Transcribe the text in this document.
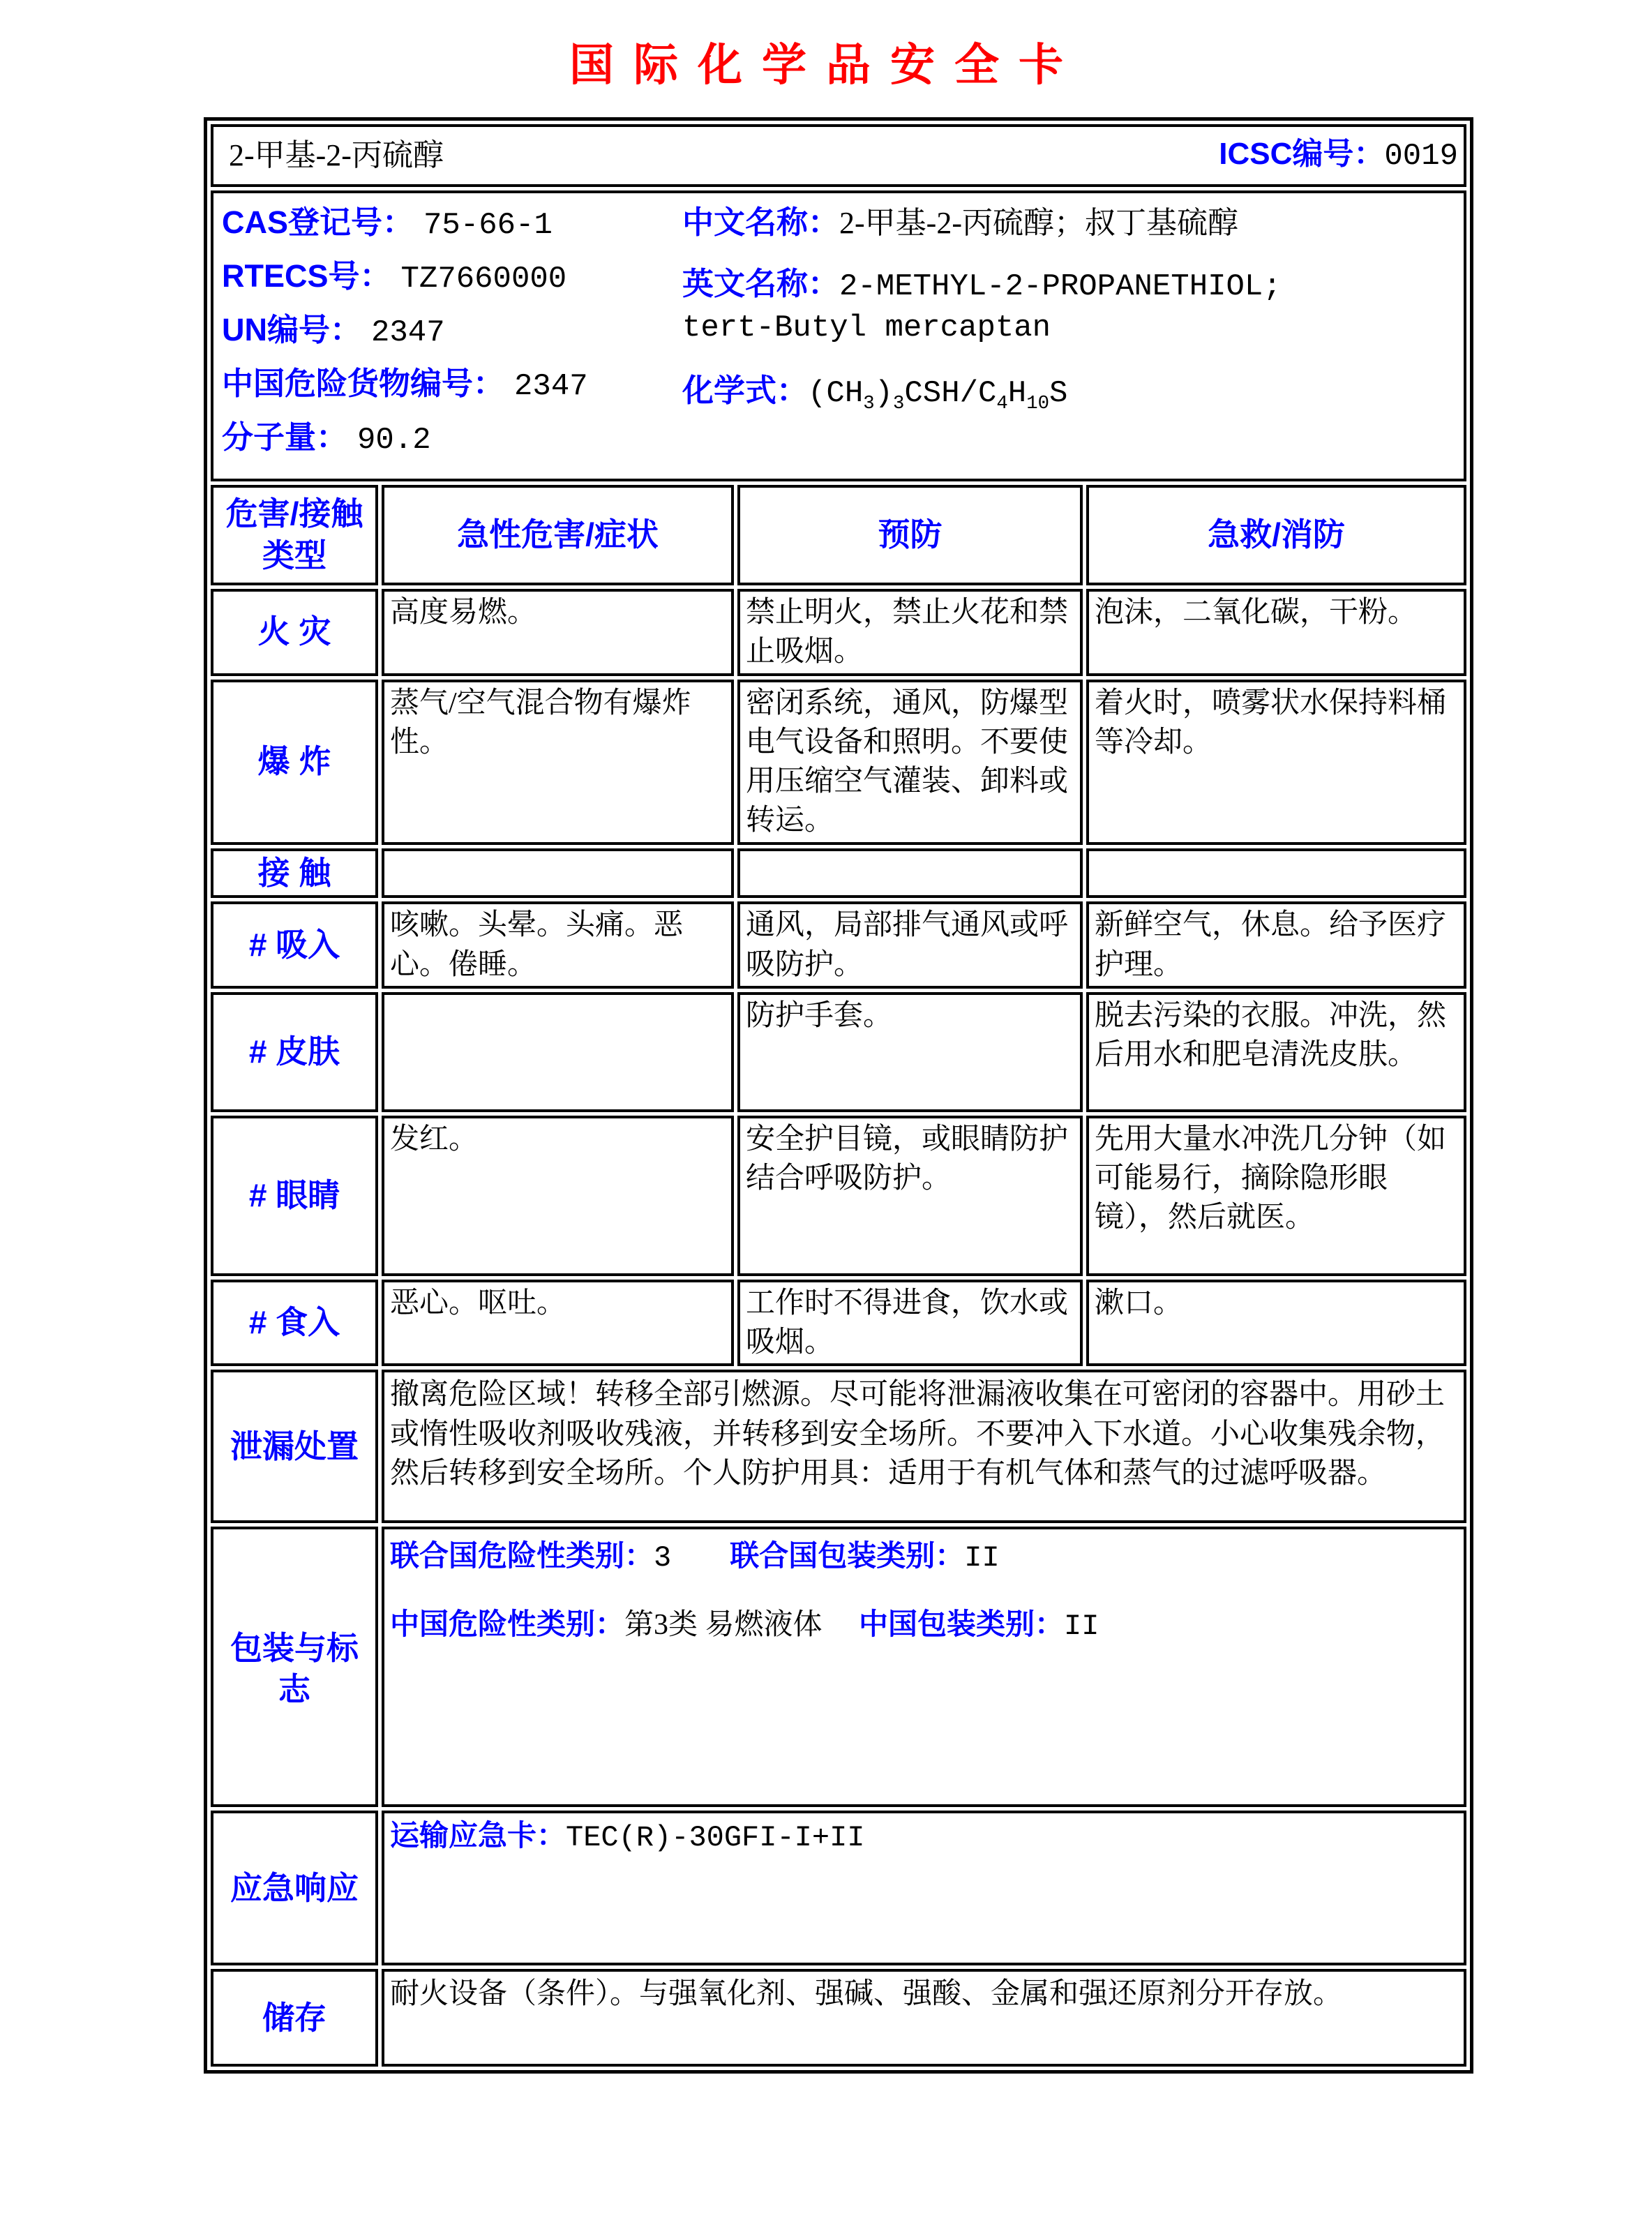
国际化学品安全卡
2-甲基-2-丙硫醇 ICSC编号：0019			

CAS登记号： 75-66-1
RTECS号： TZ7660000
UN编号： 2347
中国危险货物编号： 2347
分子量： 90.2
中文名称：2-甲基-2-丙硫醇；叔丁基硫醇
英文名称：2-METHYL-2-PROPANETHIOL; tert-Butyl mercaptan
化学式：$(CH_3)_3CSH/C_4H_{10}S$

危害/接触类型	急性危害/症状	预防	急救/消防
火 灾	高度易燃。	禁止明火，禁止火花和禁止吸烟。	泡沫，二氧化碳，干粉。
爆 炸	蒸气/空气混合物有爆炸性。	密闭系统，通风，防爆型电气设备和照明。不要使用压缩空气灌装、卸料或转运。	着火时，喷雾状水保持料桶等冷却。
接 触			
# 吸入	咳嗽。头晕。头痛。恶心。倦睡。	通风，局部排气通风或呼吸防护。	新鲜空气，休息。给予医疗护理。
# 皮肤		防护手套。	脱去污染的衣服。冲洗，然后用水和肥皂清洗皮肤。
# 眼睛	发红。	安全护目镜，或眼睛防护结合呼吸防护。	先用大量水冲洗几分钟（如可能易行，摘除隐形眼镜），然后就医。
# 食入	恶心。呕吐。	工作时不得进食，饮水或吸烟。	漱口。
泄漏处置	撤离危险区域！转移全部引燃源。尽可能将泄漏液收集在可密闭的容器中。用砂土或惰性吸收剂吸收残液，并转移到安全场所。不要冲入下水道。小心收集残余物，然后转移到安全场所。个人防护用具：适用于有机气体和蒸气的过滤呼吸器。		

包装与标志	联合国危险性类别：3　　联合国包装类别：II
中国危险性类别：第3类 易燃液体　 中国包装类别：II		

应急响应	运输应急卡：TEC(R)-30GFI-I+II		

储存	耐火设备（条件）。与强氧化剂、强碱、强酸、金属和强还原剂分开存放。		
